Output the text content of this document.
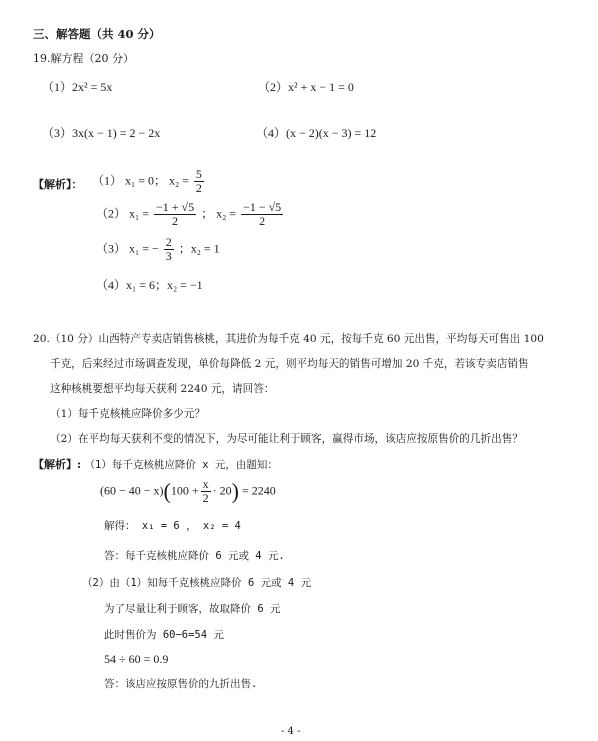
三、解答题（共 40 分）
19.解方程（20 分）
（1）2x² = 5x	（2）x² + x − 1 = 0
（3）3x(x − 1) = 2 − 2x	（4）(x − 2)(x − 3) = 12
【解析】： （1） x₁ = 0； $x_2 = \frac{5}{2}$
（2） $x_1 = \frac{-1 + √5}{2}$ ； $x_2 = \frac{-1 - √5}{2}$
（3） x₁ = − $\frac{2}{3}$ ；x₂ = 1
（4）x₁ = 6；x₂ = −1
20.（10 分）山西特产专卖店销售核桃，其进价为每千克 40 元，按每千克 60 元出售，平均每天可售出 100
千克，后来经过市场调查发现，单价每降低 2 元，则平均每天的销售可增加 20 千克，若该专卖店销售
这种核桃要想平均每天获利 2240 元，请回答：
（1）每千克核桃应降价多少元？
（2）在平均每天获利不变的情况下，为尽可能让利于顾客，赢得市场，该店应按原售价的几折出售？
【解析】: （1）每千克核桃应降价 x 元，由题知：
$(60 - 40 - x)(100 + \frac{x}{2} \cdot 20) = 2240$
解得： x₁ = 6 ， x₂ = 4
答：每千克核桃应降价 6 元或 4 元.
（2）由（1）知每千克核桃应降价 6 元或 4 元
为了尽量让利于顾客，故取降价 6 元
此时售价为 60−6=54 元
54 ÷ 60 = 0.9
答：该店应按原售价的九折出售.
- 4 -
